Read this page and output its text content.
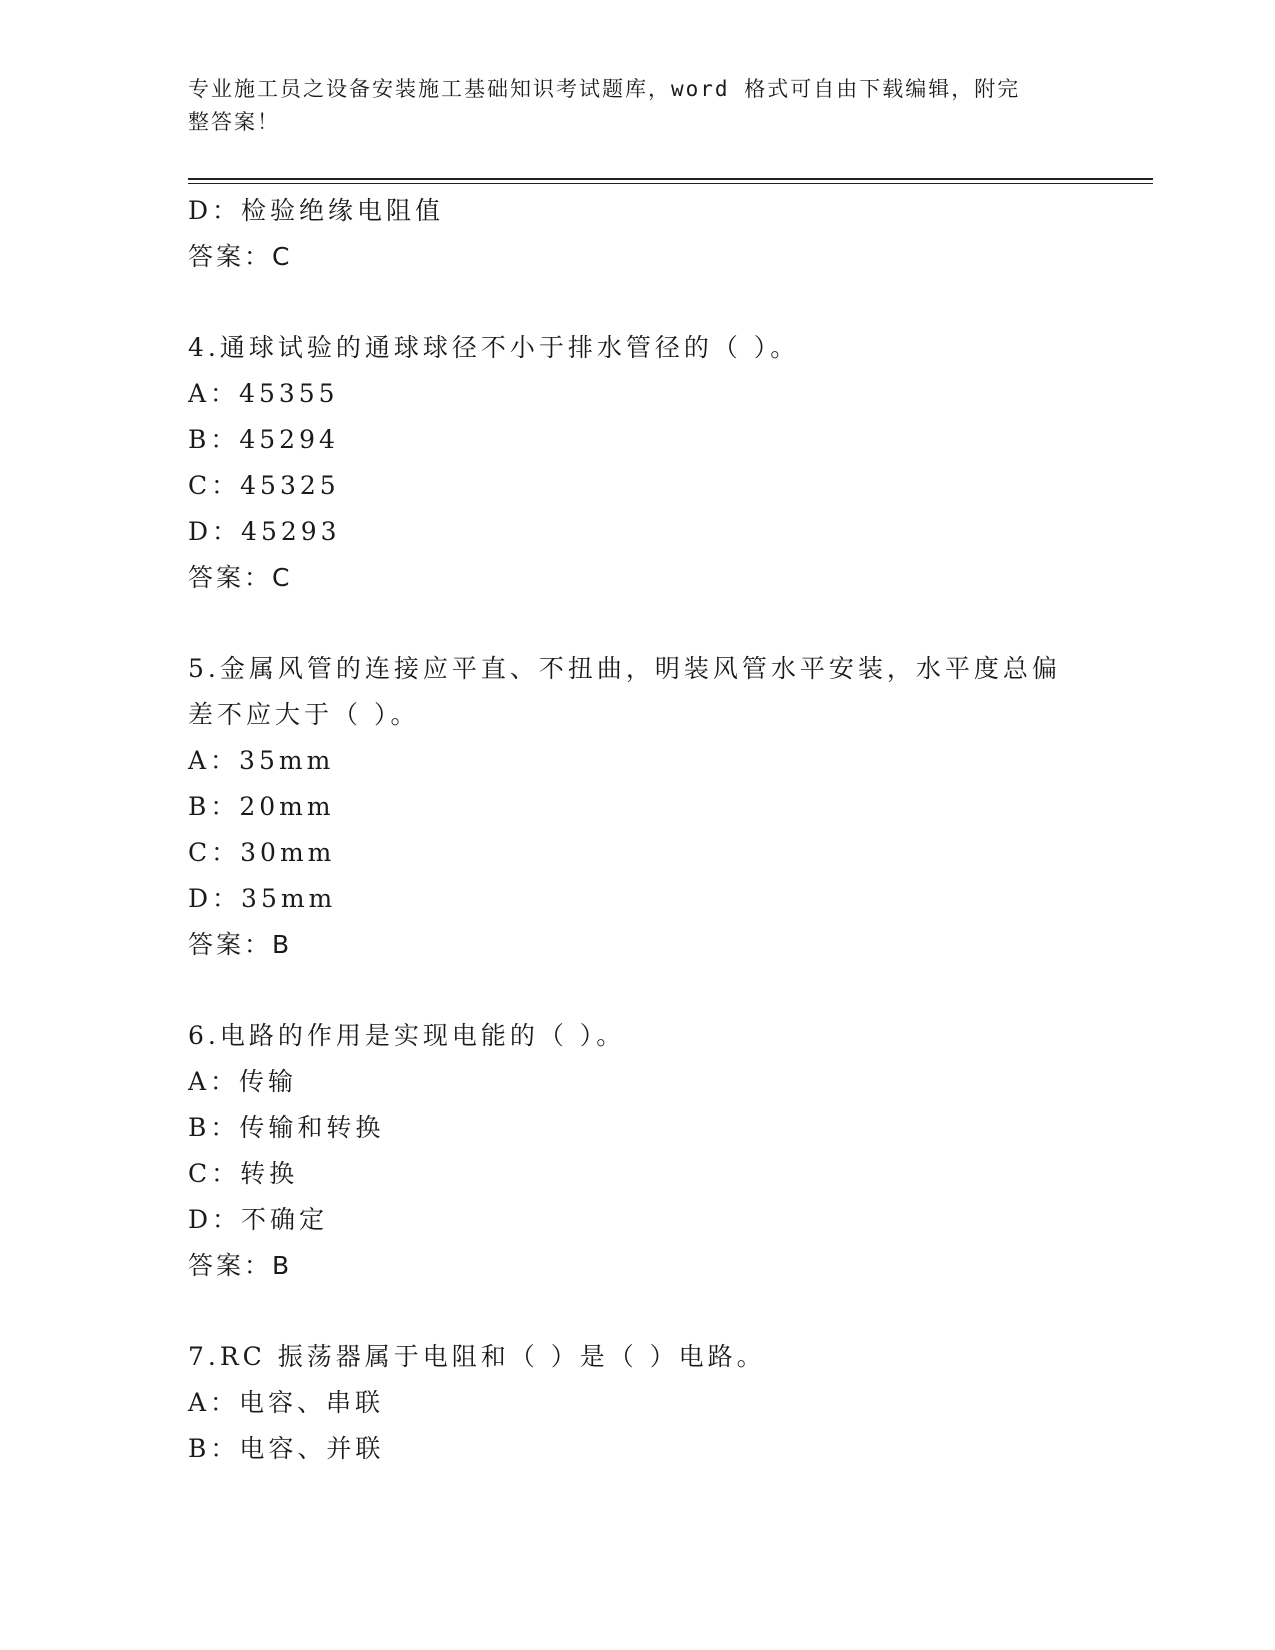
专业施工员之设备安装施工基础知识考试题库，word 格式可自由下载编辑，附完
整答案！
D：检验绝缘电阻值
答案：C
4.通球试验的通球球径不小于排水管径的（ ）。
A：45355
B：45294
C：45325
D：45293
答案：C
5.金属风管的连接应平直、不扭曲，明装风管水平安装，水平度总偏
差不应大于（ ）。
A：35mm
B：20mm
C：30mm
D：35mm
答案：B
6.电路的作用是实现电能的（ ）。
A：传输
B：传输和转换
C：转换
D：不确定
答案：B
7.RC 振荡器属于电阻和（ ）是（ ）电路。
A：电容、串联
B：电容、并联
